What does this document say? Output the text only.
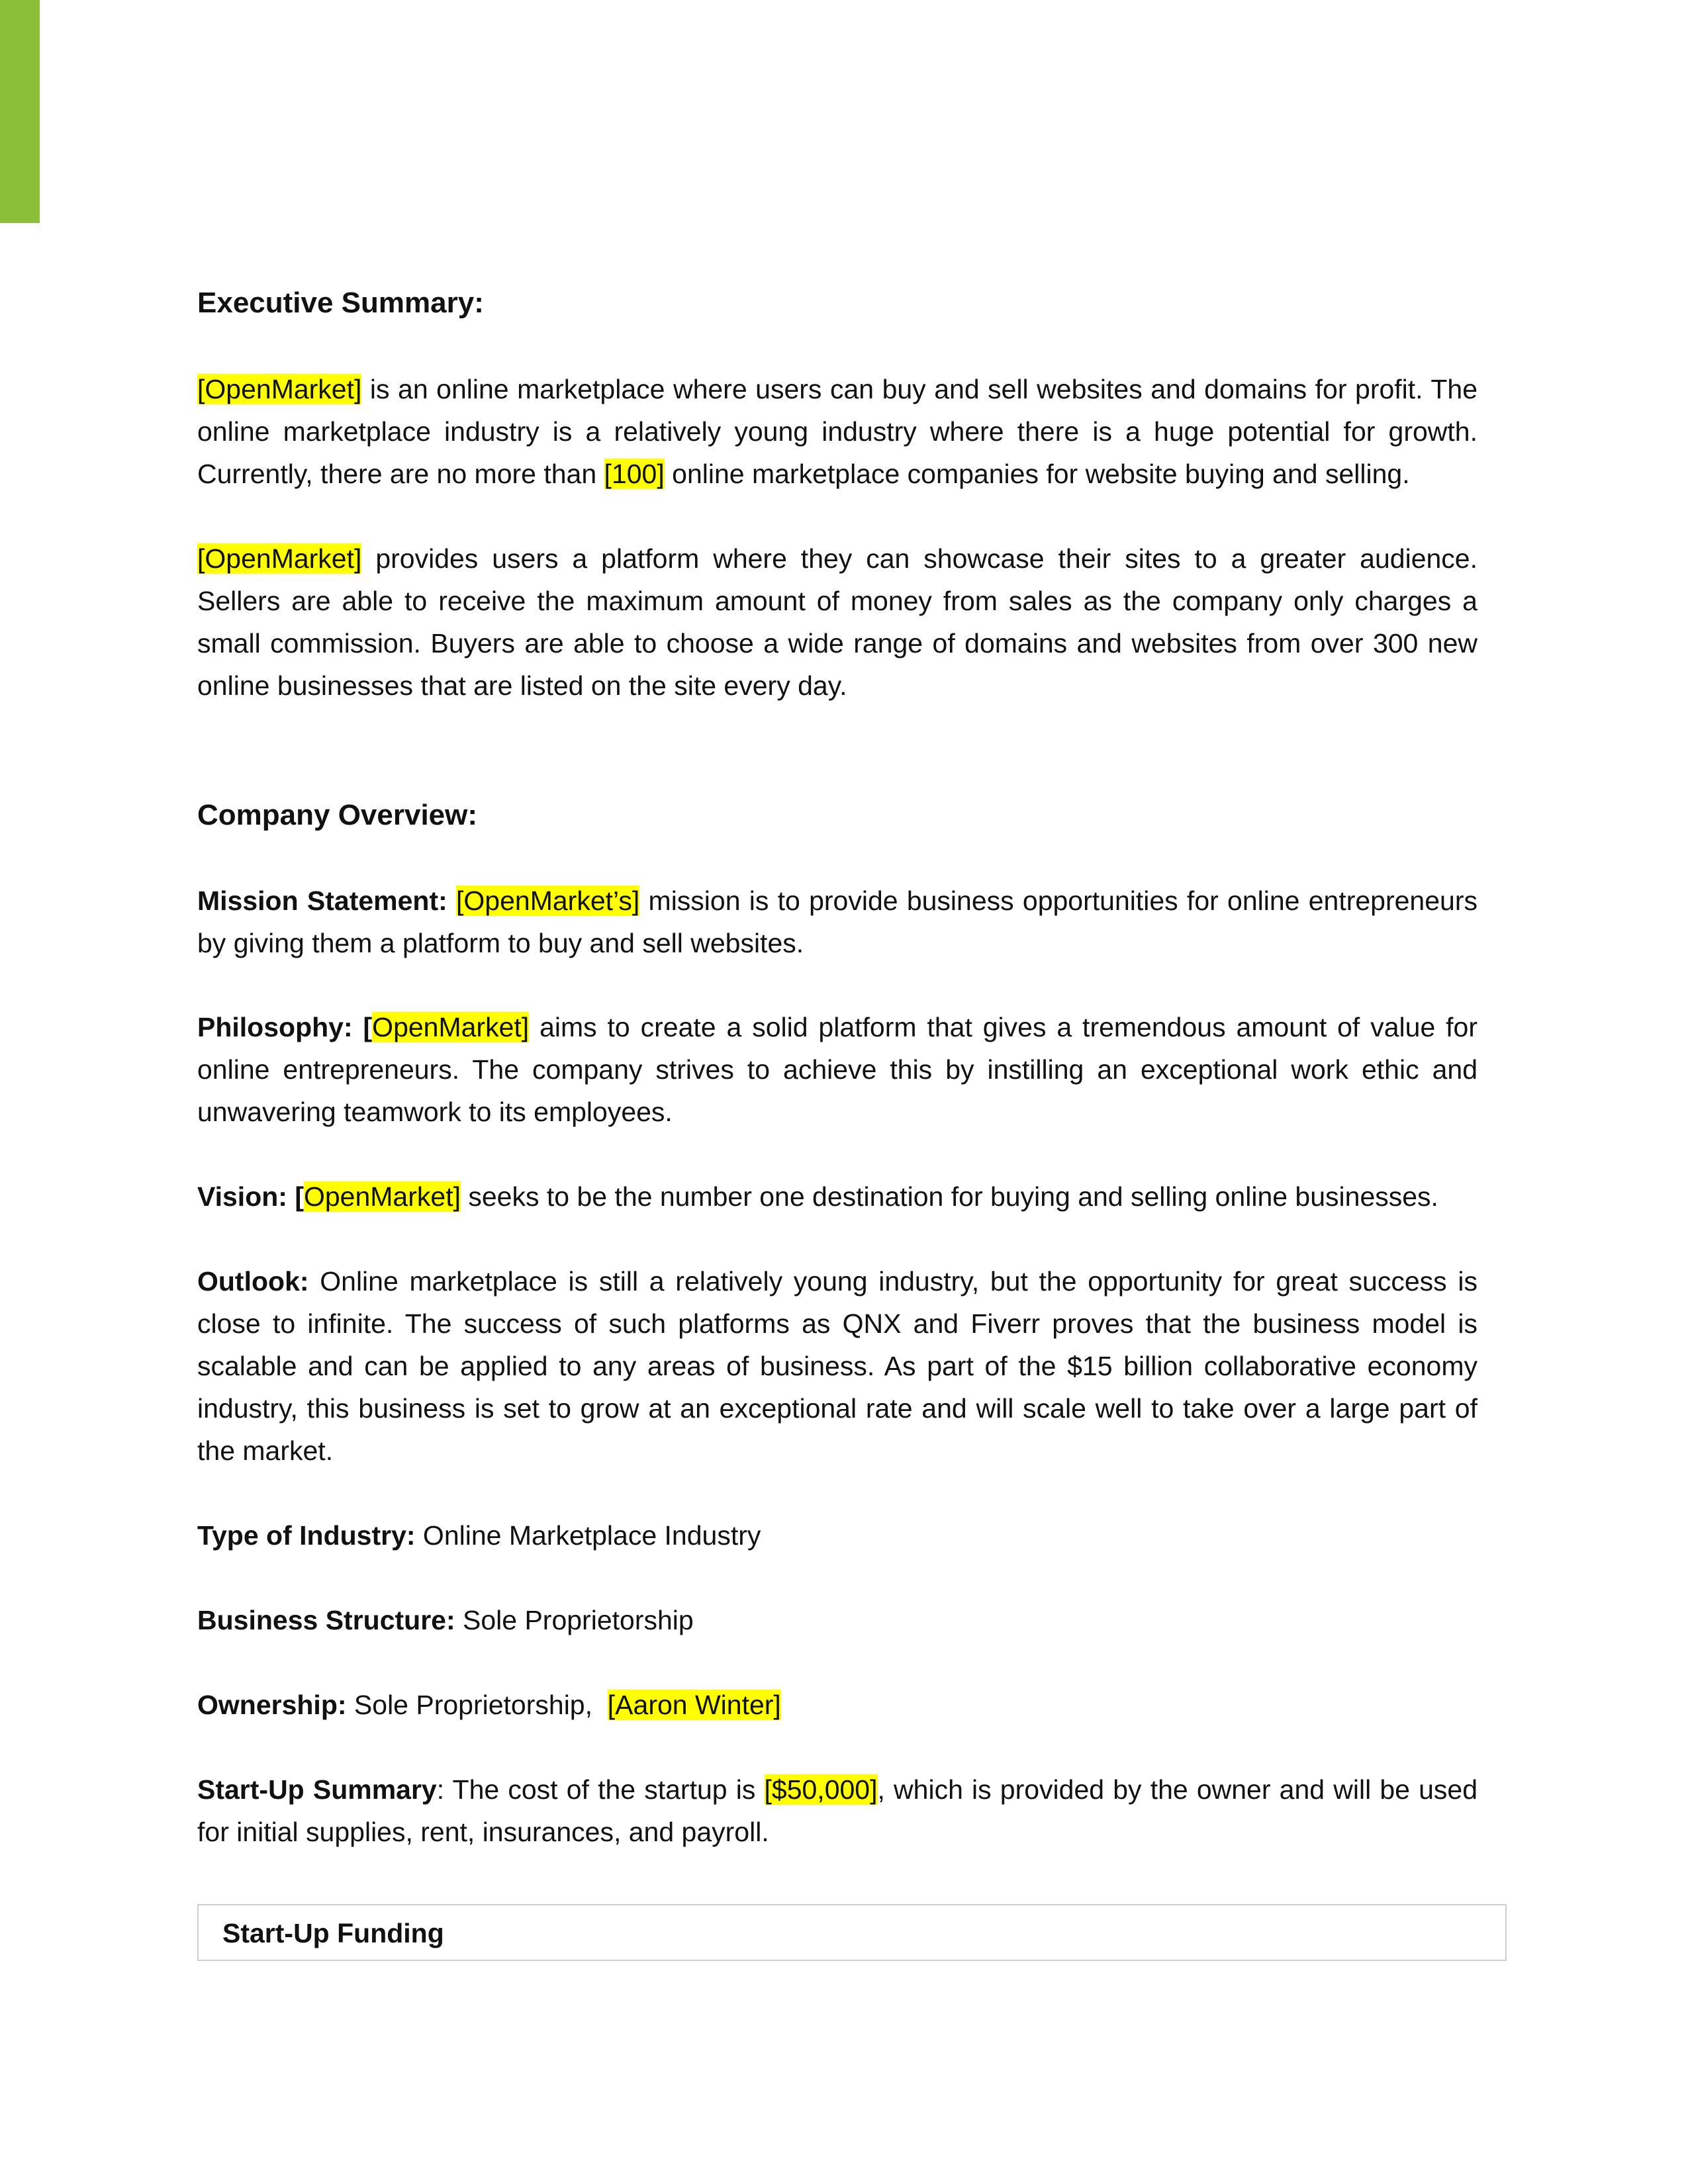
Executive Summary:

[OpenMarket] is an online marketplace where users can buy and sell websites and domains for profit. The online marketplace industry is a relatively young industry where there is a huge potential for growth. Currently, there are no more than [100] online marketplace companies for website buying and selling.

[OpenMarket] provides users a platform where they can showcase their sites to a greater audience. Sellers are able to receive the maximum amount of money from sales as the company only charges a small commission. Buyers are able to choose a wide range of domains and websites from over 300 new online businesses that are listed on the site every day.

Company Overview:

Mission Statement: [OpenMarket’s] mission is to provide business opportunities for online entrepreneurs by giving them a platform to buy and sell websites.

Philosophy: [OpenMarket] aims to create a solid platform that gives a tremendous amount of value for online entrepreneurs. The company strives to achieve this by instilling an exceptional work ethic and unwavering teamwork to its employees.

Vision: [OpenMarket] seeks to be the number one destination for buying and selling online businesses.

Outlook: Online marketplace is still a relatively young industry, but the opportunity for great success is close to infinite. The success of such platforms as QNX and Fiverr proves that the business model is scalable and can be applied to any areas of business. As part of the $15 billion collaborative economy industry, this business is set to grow at an exceptional rate and will scale well to take over a large part of the market.

Type of Industry: Online Marketplace Industry

Business Structure: Sole Proprietorship

Ownership: Sole Proprietorship,  [Aaron Winter]

Start-Up Summary: The cost of the startup is [$50,000], which is provided by the owner and will be used for initial supplies, rent, insurances, and payroll.

Start-Up Funding
